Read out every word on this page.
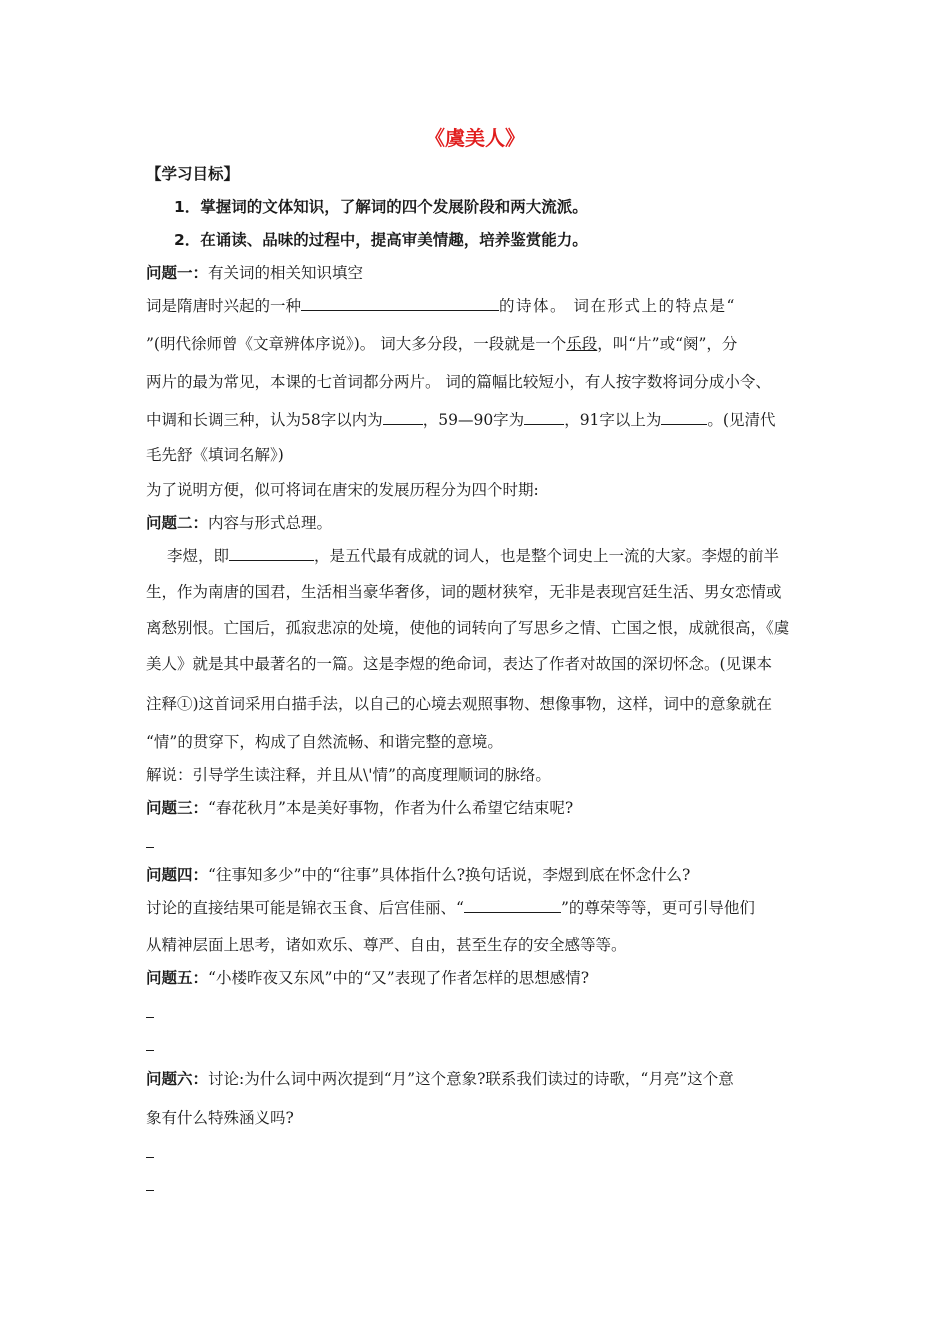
《虞美人》
【学习目标】
1．掌握词的文体知识，了解词的四个发展阶段和两大流派。
2．在诵读、品味的过程中，提高审美情趣，培养鉴赏能力。
问题一：有关词的相关知识填空
词是隋唐时兴起的一种	的诗体。 词在形式上的特点是“
”(明代徐师曾《文章辨体序说》)。 词大多分段，一段就是一个乐段，叫“片”或“阕”，分
两片的最为常见，本课的七首词都分两片。 词的篇幅比较短小，有人按字数将词分成小令、
中调和长调三种，认为58字以内为	，59—90字为	，91字以上为	。(见清代
毛先舒《填词名解》)
为了说明方便，似可将词在唐宋的发展历程分为四个时期:
问题二：内容与形式总理。
李煜，即	，是五代最有成就的词人，也是整个词史上一流的大家。李煜的前半
生，作为南唐的国君，生活相当豪华奢侈，词的题材狭窄，无非是表现宫廷生活、男女恋情或
离愁别恨。亡国后，孤寂悲凉的处境，使他的词转向了写思乡之情、亡国之恨，成就很高，《虞
美人》就是其中最著名的一篇。这是李煜的绝命词，表达了作者对故国的深切怀念。(见课本
注释①)这首词采用白描手法，以自己的心境去观照事物、想像事物，这样，词中的意象就在
“情”的贯穿下，构成了自然流畅、和谐完整的意境。
解说：引导学生读注释，并且从\'情”的高度理顺词的脉络。
问题三：“春花秋月”本是美好事物，作者为什么希望它结束呢?
问题四：“往事知多少”中的“往事”具体指什么?换句话说，李煜到底在怀念什么?
讨论的直接结果可能是锦衣玉食、后宫佳丽、“	”的尊荣等等，更可引导他们
从精神层面上思考，诸如欢乐、尊严、自由，甚至生存的安全感等等。
问题五：“小楼昨夜又东风”中的“又”表现了作者怎样的思想感情?
问题六：讨论:为什么词中两次提到“月”这个意象?联系我们读过的诗歌，“月亮”这个意
象有什么特殊涵义吗?
